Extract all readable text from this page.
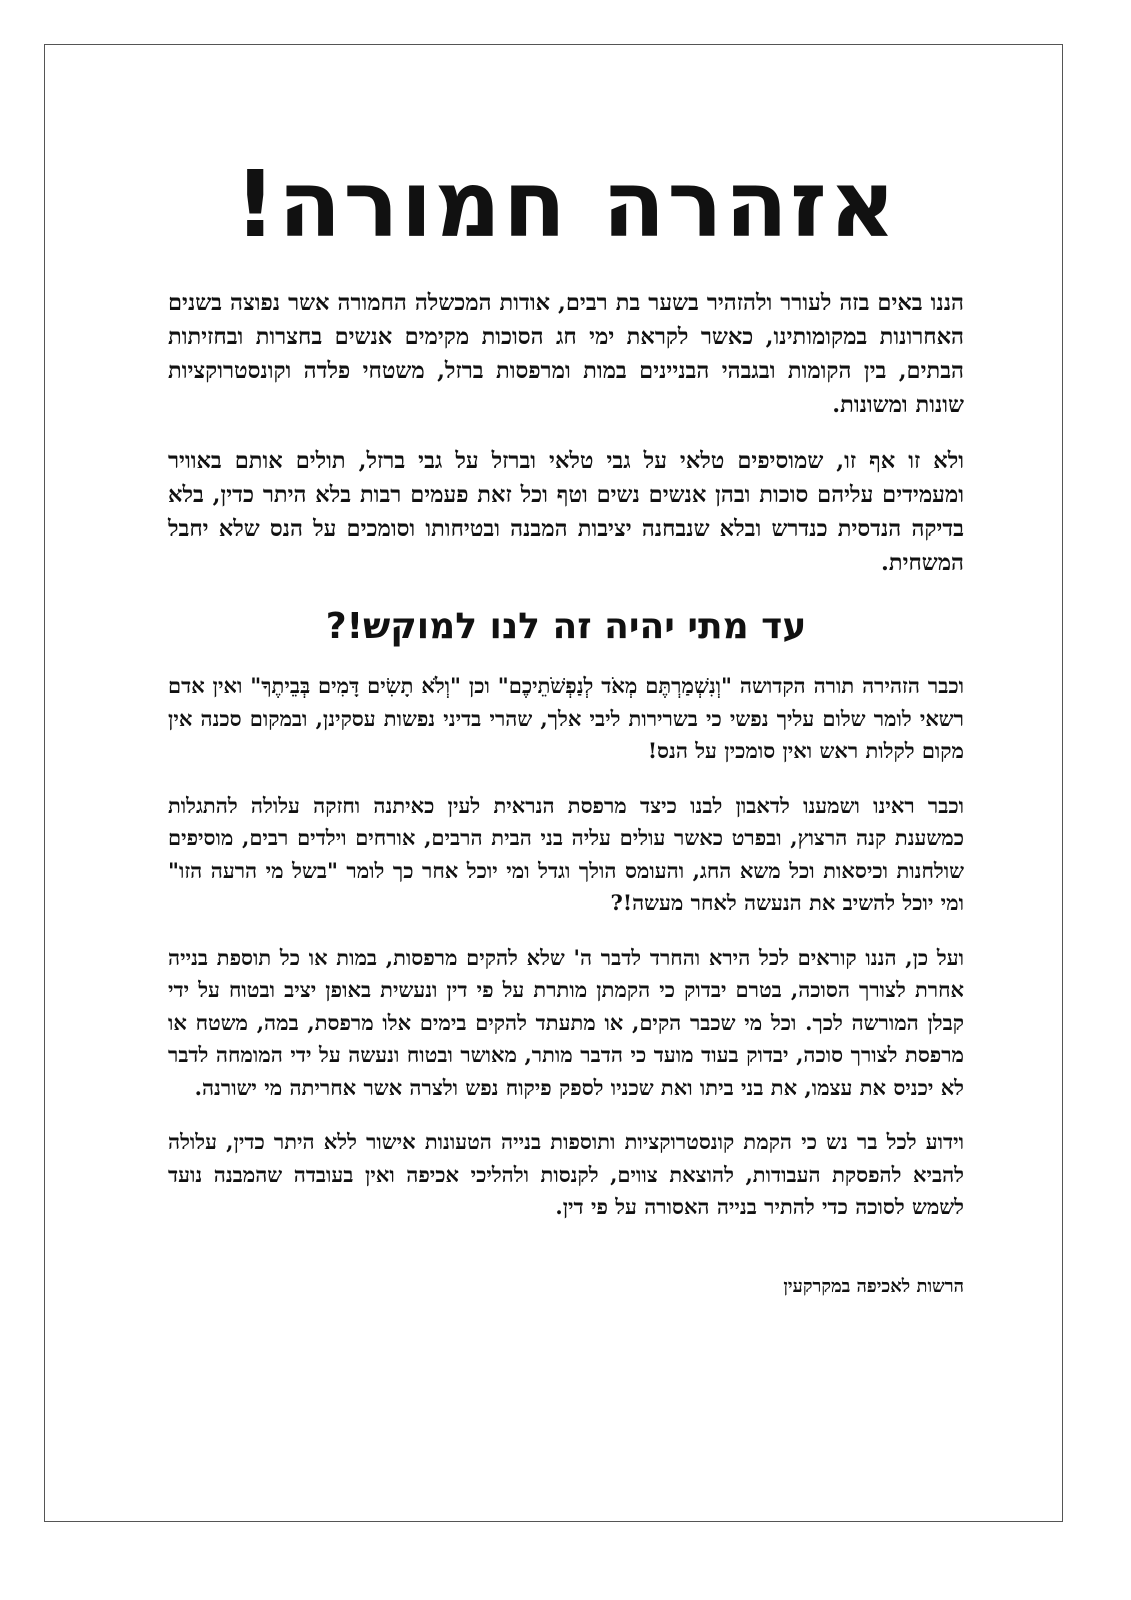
אזהרה חמורה!

הננו באים בזה לעורר ולהזהיר בשער בת רבים, אודות המכשלה החמורה אשר נפוצה בשנים האחרונות במקומותינו, כאשר לקראת ימי חג הסוכות מקימים אנשים בחצרות ובחזיתות הבתים, בין הקומות ובגבהי הבניינים במות ומרפסות ברזל, משטחי פלדה וקונסטרוקציות שונות ומשונות.

ולא זו אף זו, שמוסיפים טלאי על גבי טלאי וברזל על גבי ברזל, תולים אותם באוויר ומעמידים עליהם סוכות ובהן אנשים נשים וטף וכל זאת פעמים רבות בלא היתר כדין, בלא בדיקה הנדסית כנדרש ובלא שנבחנה יציבות המבנה ובטיחותו וסומכים על הנס שלא יחבל המשחית.

עד מתי יהיה זה לנו למוקש!?

וכבר הזהירה תורה הקדושה "וְנִשְׁמַרְתֶּם מְאֹד לְנַפְשֹׁתֵיכֶם" וכן "וְלֹא תָשִׂים דָּמִים בְּבֵיתֶךָ" ואין אדם רשאי לומר שלום עליך נפשי כי בשרירות ליבי אלך, שהרי בדיני נפשות עסקינן, ובמקום סכנה אין מקום לקלות ראש ואין סומכין על הנס!

וכבר ראינו ושמענו לדאבון לבנו כיצד מרפסת הנראית לעין כאיתנה וחזקה עלולה להתגלות כמשענת קנה הרצוץ, ובפרט כאשר עולים עליה בני הבית הרבים, אורחים וילדים רבים, מוסיפים שולחנות וכיסאות וכל משא החג, והעומס הולך וגדל ומי יוכל אחר כך לומר "בשל מי הרעה הזו" ומי יוכל להשיב את הנעשה לאחר מעשה!?

ועל כן, הננו קוראים לכל הירא והחרד לדבר ה' שלא להקים מרפסות, במות או כל תוספת בנייה אחרת לצורך הסוכה, בטרם יבדוק כי הקמתן מותרת על פי דין ונעשית באופן יציב ובטוח על ידי קבלן המורשה לכך. וכל מי שכבר הקים, או מתעתד להקים בימים אלו מרפסת, במה, משטח או מרפסת לצורך סוכה, יבדוק בעוד מועד כי הדבר מותר, מאושר ובטוח ונעשה על ידי המומחה לדבר לא יכניס את עצמו, את בני ביתו ואת שכניו לספק פיקוח נפש ולצרה אשר אחריתה מי ישורנה.

וידוע לכל בר נש כי הקמת קונסטרוקציות ותוספות בנייה הטעונות אישור ללא היתר כדין, עלולה להביא להפסקת העבודות, להוצאת צווים, לקנסות ולהליכי אכיפה ואין בעובדה שהמבנה נועד לשמש לסוכה כדי להתיר בנייה האסורה על פי דין.

הרשות לאכיפה במקרקעין
